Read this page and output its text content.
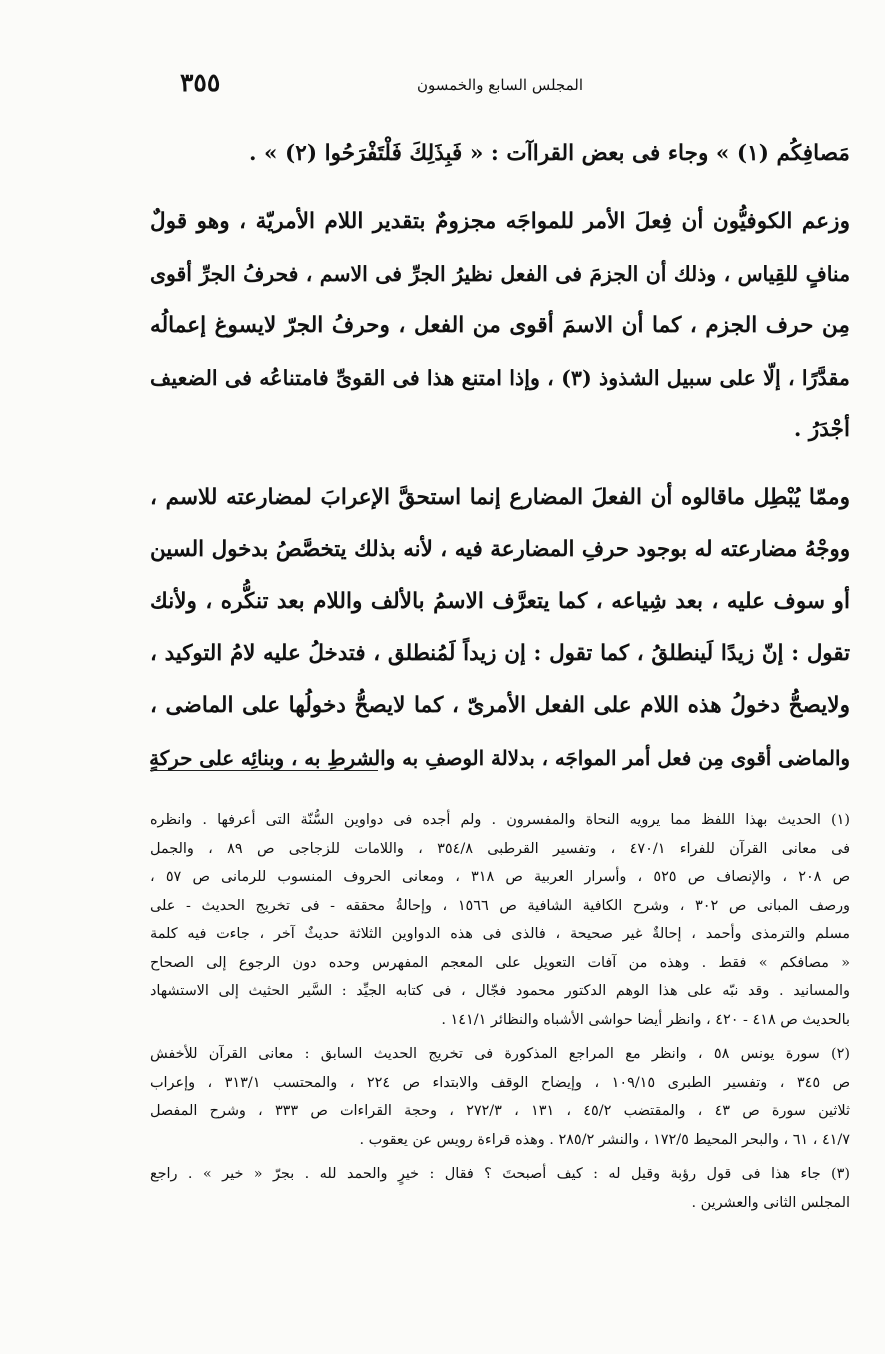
٣٥٥	المجلس السابع والخمسون
مَصافِكُم (١) » وجاء فى بعض القراآت : « فَبِذَلِكَ فَلْتَفْرَحُوا (٢) » .
وزعم الكوفيُّون أن فِعلَ الأمر للمواجَه مجزومٌ بتقدير اللام الأمريّة ، وهو قولٌ
منافٍ للقِياس ، وذلك أن الجزمَ فى الفعل نظيرُ الجرِّ فى الاسم ، فحرفُ الجرِّ أقوى
مِن حرف الجزم ، كما أن الاسمَ أقوى من الفعل ، وحرفُ الجرّ لايسوغ إعمالُه
مقدَّرًا ، إلّا على سبيل الشذوذ (٣) ، وإذا امتنع هذا فى القوىِّ فامتناعُه فى الضعيف
أجْدَرُ .
وممّا يُبْطِل ماقالوه أن الفعلَ المضارع إنما استحقَّ الإعرابَ لمضارعته للاسم ،
ووجْهُ مضارعته له بوجود حرفِ المضارعة فيه ، لأنه بذلك يتخصَّصُ بدخول السين
أو سوف عليه ، بعد شِياعه ، كما يتعرَّف الاسمُ بالألف واللام بعد تنكُّره ، ولأنك
تقول : إنّ زيدًا لَينطلقُ ، كما تقول : إن زيداً لَمُنطلق ، فتدخلُ عليه لامُ التوكيد ،
ولايصحُّ دخولُ هذه اللام على الفعل الأمرىّ ، كما لايصحُّ دخولُها على الماضى ،
والماضى أقوى مِن فعل أمر المواجَه ، بدلالة الوصفِ به والشرطِ به ، وبنائِه على حركةٍ
(١) الحديث بهذا اللفظ مما يرويه النحاة والمفسرون . ولم أجده فى دواوين السُّنّة التى أعرفها . وانظره
فى معانى القرآن للفراء ٤٧٠/١ ، وتفسير القرطبى ٣٥٤/٨ ، واللامات للزجاجى ص ٨٩ ، والجمل
ص ٢٠٨ ، والإنصاف ص ٥٢٥ ، وأسرار العربية ص ٣١٨ ، ومعانى الحروف المنسوب للرمانى ص ٥٧ ،
ورصف المبانى ص ٣٠٢ ، وشرح الكافية الشافية ص ١٥٦٦ ، وإحالةُ محققه - فى تخريج الحديث - على
مسلم والترمذى وأحمد ، إحالةٌ غير صحيحة ، فالذى فى هذه الدواوين الثلاثة حديثٌ آخر ، جاءت فيه كلمة
« مصافكم » فقط . وهذه من آفات التعويل على المعجم المفهرس وحده دون الرجوع إلى الصحاح
والمسانيد . وقد نبّه على هذا الوهم الدكتور محمود فجّال ، فى كتابه الجيِّد : السَّير الحثيث إلى الاستشهاد
بالحديث ص ٤١٨ - ٤٢٠ ، وانظر أيضا حواشى الأشباه والنظائر ١٤١/١ .
(٢) سورة يونس ٥٨ ، وانظر مع المراجع المذكورة فى تخريج الحديث السابق : معانى القرآن للأخفش
ص ٣٤٥ ، وتفسير الطبرى ١٠٩/١٥ ، وإيضاح الوقف والابتداء ص ٢٢٤ ، والمحتسب ٣١٣/١ ، وإعراب
ثلاثين سورة ص ٤٣ ، والمقتضب ٤٥/٢ ، ١٣١ ، ٢٧٢/٣ ، وحجة القراءات ص ٣٣٣ ، وشرح المفصل
٤١/٧ ، ٦١ ، والبحر المحيط ١٧٢/٥ ، والنشر ٢٨٥/٢ . وهذه قراءة رويس عن يعقوب .
(٣) جاء هذا فى قول رؤبة وقيل له : كيف أصبحتَ ؟ فقال : خيرٍ والحمد لله . بجرّ « خير » . راجع
المجلس الثانى والعشرين .
